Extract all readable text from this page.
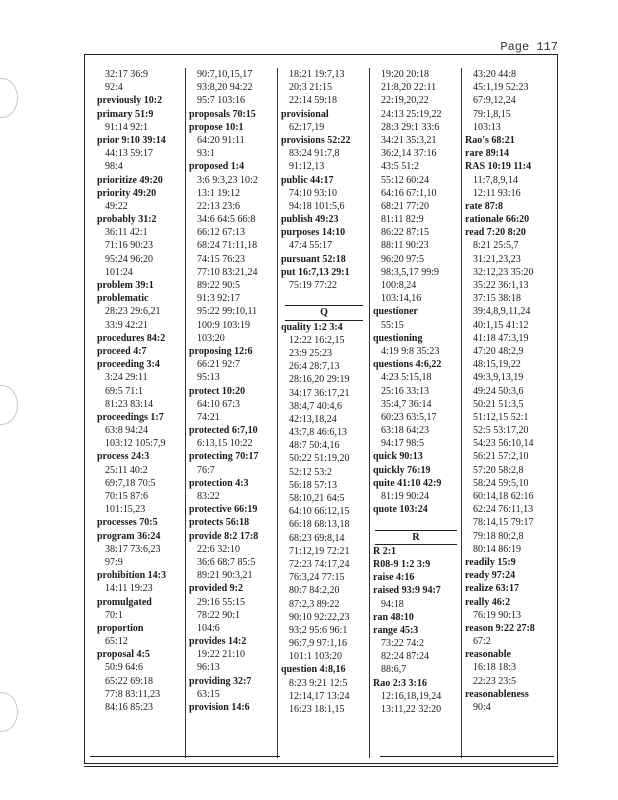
Page 117
32:17 36:9
92:4
previously 10:2
primary 51:9
91:14 92:1
prior 9:10 39:14
44:13 59:17
98:4
prioritize 49:20
priority 49:20
49:22
probably 31:2
36:11 42:1
71:16 90:23
95:24 96:20
101:24
problem 39:1
problematic
28:23 29:6,21
33:9 42:21
procedures 84:2
proceed 4:7
proceeding 3:4
3:24 29:11
69:5 71:1
81:23 83:14
proceedings 1:7
63:8 94:24
103:12 105:7,9
process 24:3
25:11 40:2
69:7,18 70:5
70:15 87:6
101:15,23
processes 70:5
program 36:24
38:17 73:6,23
97:9
prohibition 14:3
14:11 19:23
promulgated
70:1
proportion
65:12
proposal 4:5
50:9 64:6
65:22 69:18
77:8 83:11,23
84:16 85:23
90:7,10,15,17
93:8,20 94:22
95:7 103:16
proposals 70:15
propose 10:1
64:20 91:11
93:1
proposed 1:4
3:6 9:3,23 10:2
13:1 19:12
22:13 23:6
34:6 64:5 66:8
66:12 67:13
68:24 71:11,18
74:15 76:23
77:10 83:21,24
89:22 90:5
91:3 92:17
95:22 99:10,11
100:9 103:19
103:20
proposing 12:6
66:21 92:7
95:13
protect 10:20
64:10 67:3
74:21
protected 6:7,10
6:13,15 10:22
protecting 70:17
76:7
protection 4:3
83:22
protective 66:19
protects 56:18
provide 8:2 17:8
22:6 32:10
36:6 68:7 85:5
89:21 90:3,21
provided 9:2
29:16 55:15
78:22 90:1
104:6
provides 14:2
19:22 21:10
96:13
providing 32:7
63:15
provision 14:6
18:21 19:7,13
20:3 21:15
22:14 59:18
provisional
62:17,19
provisions 52:22
83:24 91:7,8
91:12,13
public 44:17
74:10 93:10
94:18 101:5,6
publish 49:23
purposes 14:10
47:4 55:17
pursuant 52:18
put 16:7,13 29:1
75:19 77:22
Q
quality 1:2 3:4
12:22 16:2,15
23:9 25:23
26:4 28:7,13
28:16,20 29:19
34:17 36:17,21
38:4,7 40:4,6
42:13,18,24
43:7,8 46:6,13
48:7 50:4,16
50:22 51:19,20
52:12 53:2
56:18 57:13
58:10,21 64:5
64:10 66:12,15
66:18 68:13,18
68:23 69:8,14
71:12,19 72:21
72:23 74:17,24
76:3,24 77:15
80:7 84:2,20
87:2,3 89:22
90:10 92:22,23
93:2 95:6 96:1
96:7,9 97:1,16
101:1 103:20
question 4:8,16
8:23 9:21 12:5
12:14,17 13:24
16:23 18:1,15
19:20 20:18
21:8,20 22:11
22:19,20,22
24:13 25:19,22
28:3 29:1 33:6
34:21 35:3,21
36:2,14 37:16
43:5 51:2
55:12 60:24
64:16 67:1,10
68:21 77:20
81:11 82:9
86:22 87:15
88:11 90:23
96:20 97:5
98:3,5,17 99:9
100:8,24
103:14,16
questioner
55:15
questioning
4:19 9:8 35:23
questions 4:6,22
4:23 5:15,18
25:16 33:13
35:4,7 36:14
60:23 63:5,17
63:18 64:23
94:17 98:5
quick 90:13
quickly 76:19
quite 41:10 42:9
81:19 90:24
quote 103:24
R
R 2:1
R08-9 1:2 3:9
raise 4:16
raised 93:9 94:7
94:18
ran 48:10
range 45:3
73:22 74:2
82:24 87:24
88:6,7
Rao 2:3 3:16
12:16,18,19,24
13:11,22 32:20
43:20 44:8
45:1,19 52:23
67:9,12,24
79:1,8,15
103:13
Rao's 68:21
rare 89:14
RAS 10:19 11:4
11:7,8,9,14
12:11 93:16
rate 87:8
rationale 66:20
read 7:20 8:20
8:21 25:5,7
31:21,23,23
32:12,23 35:20
35:22 36:1,13
37:15 38:18
39:4,8,9,11,24
40:1,15 41:12
41:18 47:3,19
47:20 48:2,9
48:15,19,22
49:3,9,13,19
49:24 50:3,6
50:21 51:3,5
51:12,15 52:1
52:5 53:17,20
54:23 56:10,14
56:21 57:2,10
57:20 58:2,8
58:24 59:5,10
60:14,18 62:16
62:24 76:11,13
78:14,15 79:17
79:18 80:2,8
80:14 86:19
readily 15:9
ready 97:24
realize 63:17
really 46:2
76:19 90:13
reason 9:22 27:8
67:2
reasonable
16:18 18:3
22:23 23:5
reasonableness
90:4
